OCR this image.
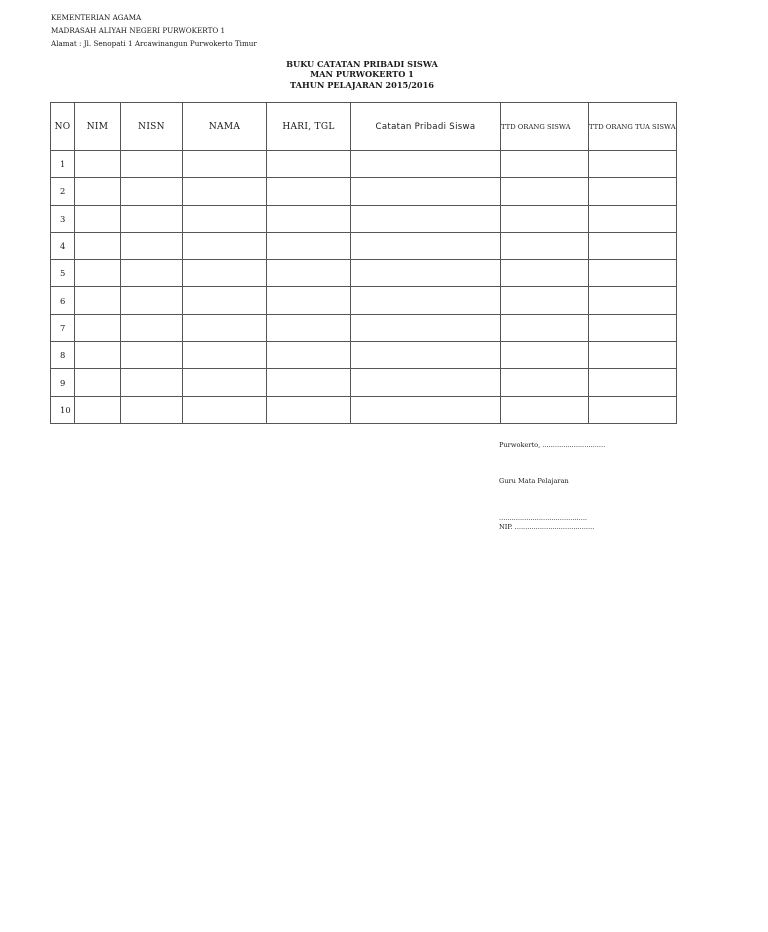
KEMENTERIAN AGAMA
MADRASAH ALIYAH NEGERI PURWOKERTO 1
Alamat : Jl. Senopati 1 Arcawinangun Purwokerto Timur
BUKU CATATAN PRIBADI SISWA
MAN PURWOKERTO 1
TAHUN PELAJARAN 2015/2016
NO	NIM	NISN	NAMA	HARI, TGL	Catatan Pribadi Siswa	TTD ORANG SISWA	TTD ORANG TUA SISWA
1							
2							
3							
4							
5							
6							
7							
8							
9							
10							
Purwokerto, ..............................
Guru Mata Pelajaran
..........................................
NIP. ......................................
